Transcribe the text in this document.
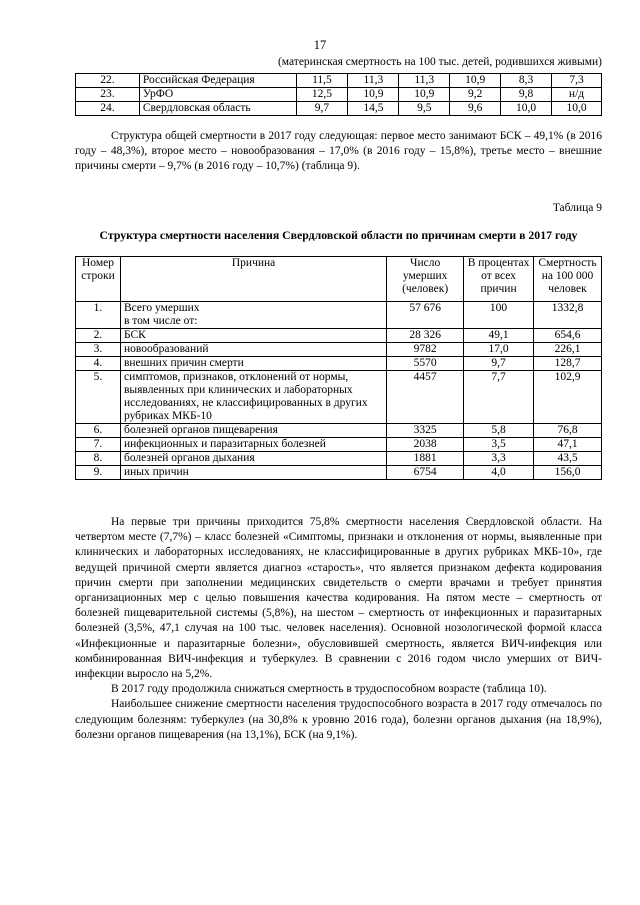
17
(материнская смертность на 100 тыс. детей, родившихся живыми)
22.	Российская Федерация	11,5	11,3	11,3	10,9	8,3	7,3
23.	УрФО	12,5	10,9	10,9	9,2	9,8	н/д
24.	Свердловская область	9,7	14,5	9,5	9,6	10,0	10,0

Структура общей смертности в 2017 году следующая: первое место занимают БСК – 49,1% (в 2016 году – 48,3%), второе место – новообразования – 17,0% (в 2016 году – 15,8%), третье место – внешние причины смерти – 9,7% (в 2016 году – 10,7%) (таблица 9).

Таблица 9
Структура смертности населения Свердловской области по причинам смерти в 2017 году
Номер строки	Причина	Число умерших (человек)	В процентах от всех причин	Смертность на 100 000 человек
1.	Всего умерших
в том числе от:	57 676	100	1332,8
2.	БСК	28 326	49,1	654,6
3.	новообразований	9782	17,0	226,1
4.	внешних причин смерти	5570	9,7	128,7
5.	симптомов, признаков, отклонений от нормы, выявленных при клинических и лабораторных исследованиях, не классифицированных в других рубриках МКБ-10	4457	7,7	102,9
6.	болезней органов пищеварения	3325	5,8	76,8
7.	инфекционных и паразитарных болезней	2038	3,5	47,1
8.	болезней органов дыхания	1881	3,3	43,5
9.	иных причин	6754	4,0	156,0

На первые три причины приходится 75,8% смертности населения Свердловской области. На четвертом месте (7,7%) – класс болезней «Симптомы, признаки и отклонения от нормы, выявленные при клинических и лабораторных исследованиях, не классифицированные в других рубриках МКБ-10», где ведущей причиной смерти является диагноз «старость», что является признаком дефекта кодирования причин смерти при заполнении медицинских свидетельств о смерти врачами и требует принятия организационных мер с целью повышения качества кодирования. На пятом месте – смертность от болезней пищеварительной системы (5,8%), на шестом – смертность от инфекционных и паразитарных болезней (3,5%, 47,1 случая на 100 тыс. человек населения). Основной нозологической формой класса «Инфекционные и паразитарные болезни», обусловившей смертность, является ВИЧ-инфекция или комбинированная ВИЧ-инфекция и туберкулез. В сравнении с 2016 годом число умерших от ВИЧ-инфекции выросло на 5,2%.

В 2017 году продолжила снижаться смертность в трудоспособном возрасте (таблица 10).

Наибольшее снижение смертности населения трудоспособного возраста в 2017 году отмечалось по следующим болезням: туберкулез (на 30,8% к уровню 2016 года), болезни органов дыхания (на 18,9%), болезни органов пищеварения (на 13,1%), БСК (на 9,1%).
